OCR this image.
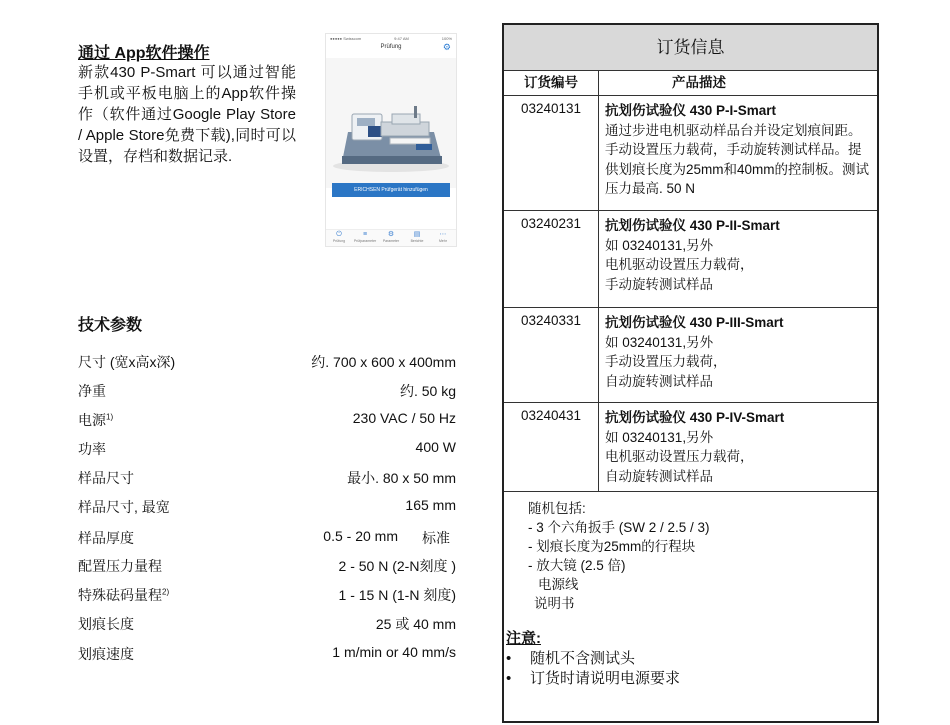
通过 App软件操作
新款430 P-Smart 可以通过智能手机或平板电脑上的App软件操作（软件通过Google Play Store / Apple Store免费下载),同时可以设置，存档和数据记录.
●●●●● Swisscom	9:47 AM	100%
Prüfung	⚙
ERICHSEN Prüfgerät hinzufügen
⏻
Prüfung
≡
Prüfparameter
⚙
Parameter
▤
Berichte
⋯
Mehr
技术参数
尺寸 (宽x高x深)	约. 700 x 600 x 400mm
净重	约. 50 kg
电源$^{1)}$	230 VAC / 50 Hz
功率	400 W
样品尺寸	最小. 80 x 50 mm
样品尺寸, 最宽	165 mm
样品厚度	0.5 - 20 mm 标准
配置压力量程	2 - 50 N (2-N刻度 )
特殊砝码量程$^{2)}$	1 - 15 N (1-N 刻度)
划痕长度	25 或 40 mm
划痕速度	1 m/min or 40 mm/s
订货信息
订货编号	产品描述
03240131	抗划伤试验仪 430 P-I-Smart
通过步进电机驱动样品台并设定划痕间距。手动设置压力载荷，手动旋转测试样品。提供划痕长度为25mm和40mm的控制板。测试压力最高. 50 N
03240231	抗划伤试验仪 430 P-II-Smart
如 03240131,另外
电机驱动设置压力载荷，
手动旋转测试样品
03240331	抗划伤试验仪 430 P-III-Smart
如 03240131,另外
手动设置压力载荷，
自动旋转测试样品
03240431	抗划伤试验仪 430 P-IV-Smart
如 03240131,另外
电机驱动设置压力载荷，
自动旋转测试样品
随机包括:
- 3 个六角扳手 (SW 2 / 2.5 / 3)
- 划痕长度为25mm的行程块
- 放大镜 (2.5 倍)
电源线
说明书
注意:
•	随机不含测试头
•	订货时请说明电源要求
